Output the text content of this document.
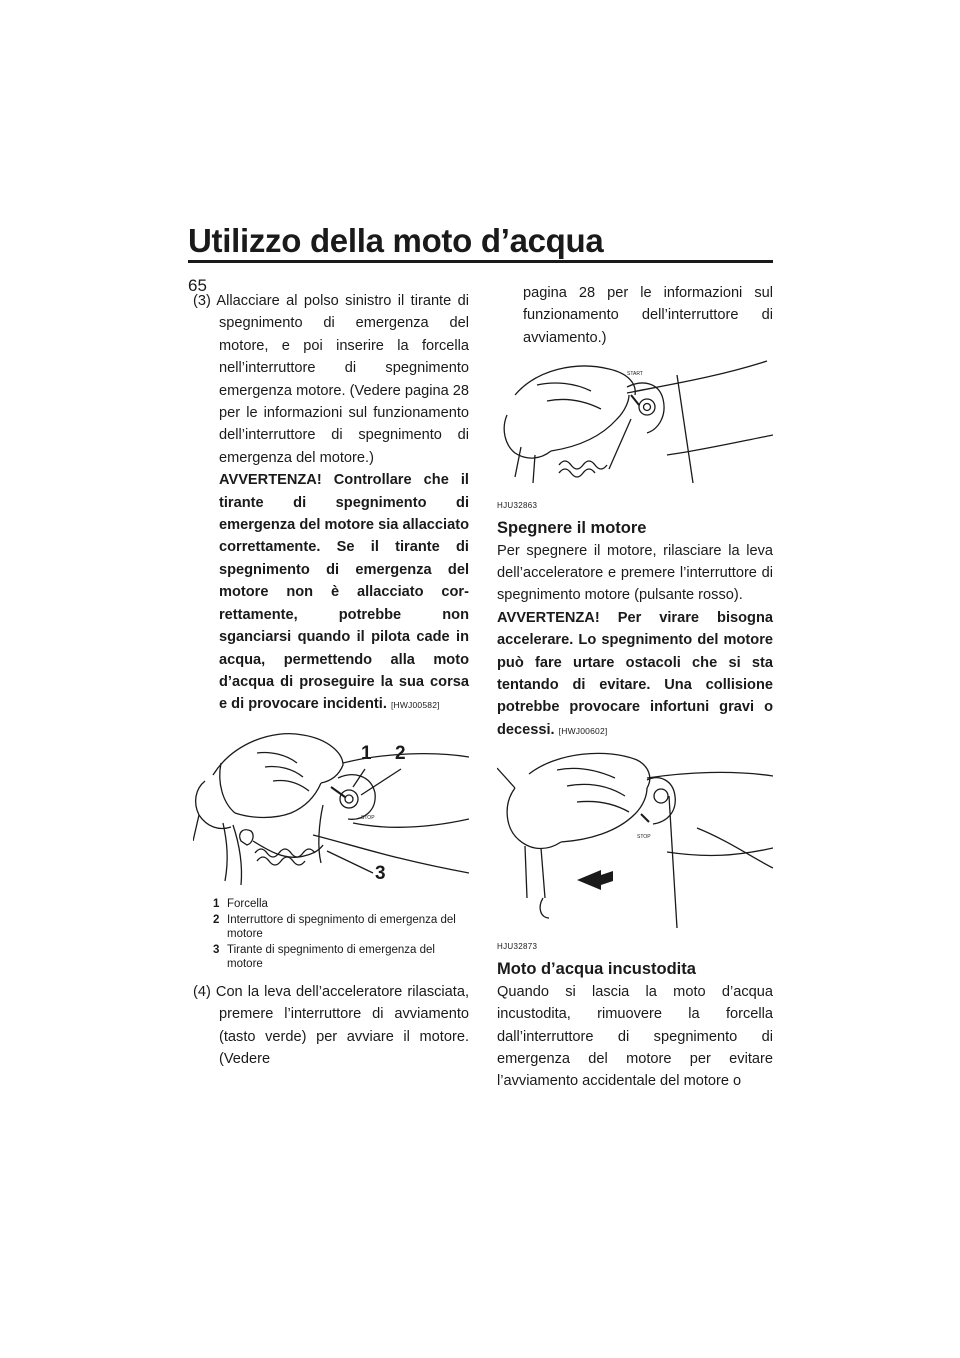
Utilizzo della moto d’acqua
65

(3) Allacciare al polso sinistro il tirante di spegnimento di emergenza del motore, e poi inserire la forcella nell’interruttore di spegnimento emergenza motore. (Vedere pagina 28 per le informazioni sul funzionamento dell’interruttore di spegnimento di emergenza del motore.)
AVVERTENZA! Controllare che il tirante di spegnimento di emergenza del motore sia allacciato correttamente. Se il tirante di spegnimento di emergenza del motore non è allacciato correttamente, potrebbe non sganciarsi quando il pilota cade in acqua, permettendo alla moto d’acqua di proseguire la sua corsa e di provocare incidenti. [HWJ00582]

1 2
3
STOP
1 Forcella
2 Interruttore di spegnimento di emergenza del motore
3 Tirante di spegnimento di emergenza del motore

(4) Con la leva dell’acceleratore rilasciata, premere l’interruttore di avviamento (tasto verde) per avviare il motore. (Vedere

pagina 28 per le informazioni sul funzionamento dell’interruttore di avviamento.)

START
HJU32863
Spegnere il motore

Per spegnere il motore, rilasciare la leva dell’acceleratore e premere l’interruttore di spegnimento motore (pulsante rosso).
AVVERTENZA! Per virare bisogna accelerare. Lo spegnimento del motore può fare urtare ostacoli che si sta tentando di evitare. Una collisione potrebbe provocare infortuni gravi o decessi. [HWJ00602]

STOP
HJU32873
Moto d’acqua incustodita

Quando si lascia la moto d’acqua incustodita, rimuovere la forcella dall’interruttore di spegnimento di emergenza del motore per evitare l’avviamento accidentale del motore o
